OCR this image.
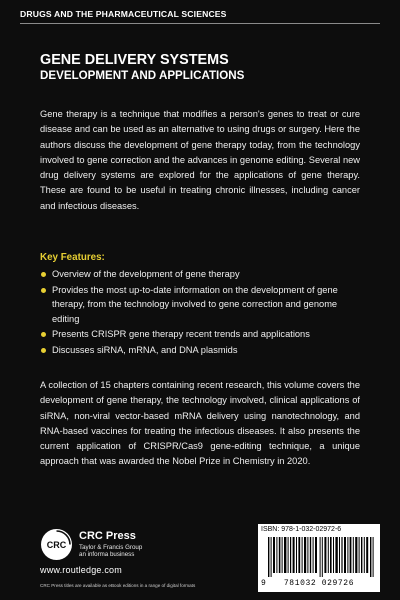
DRUGS AND THE PHARMACEUTICAL SCIENCES
GENE DELIVERY SYSTEMS
DEVELOPMENT AND APPLICATIONS

Gene therapy is a technique that modifies a person's genes to treat or cure disease and can be used as an alternative to using drugs or surgery. Here the authors discuss the development of gene therapy today, from the technology involved to gene correction and the advances in genome editing. Several new drug delivery systems are explored for the applications of gene therapy. These are found to be useful in treating chronic illnesses, including cancer and infectious diseases.

Key Features:
Overview of the development of gene therapy
Provides the most up-to-date information on the development of gene therapy, from the technology involved to gene correction and genome editing
Presents CRISPR gene therapy recent trends and applications
Discusses siRNA, mRNA, and DNA plasmids

A collection of 15 chapters containing recent research, this volume covers the development of gene therapy, the technology involved, clinical applications of siRNA, non-viral vector-based mRNA delivery using nanotechnology, and RNA-based vaccines for treating the infectious diseases. It also presents the current application of CRISPR/Cas9 gene-editing technique, a unique approach that was awarded the Nobel Prize in Chemistry in 2020.

CRC
CRC Press
Taylor & Francis Group
an informa business
www.routledge.com
CRC Press titles are available as eBook editions in a range of digital formats
ISBN: 978-1-032-02972-6
9 781032 029726
